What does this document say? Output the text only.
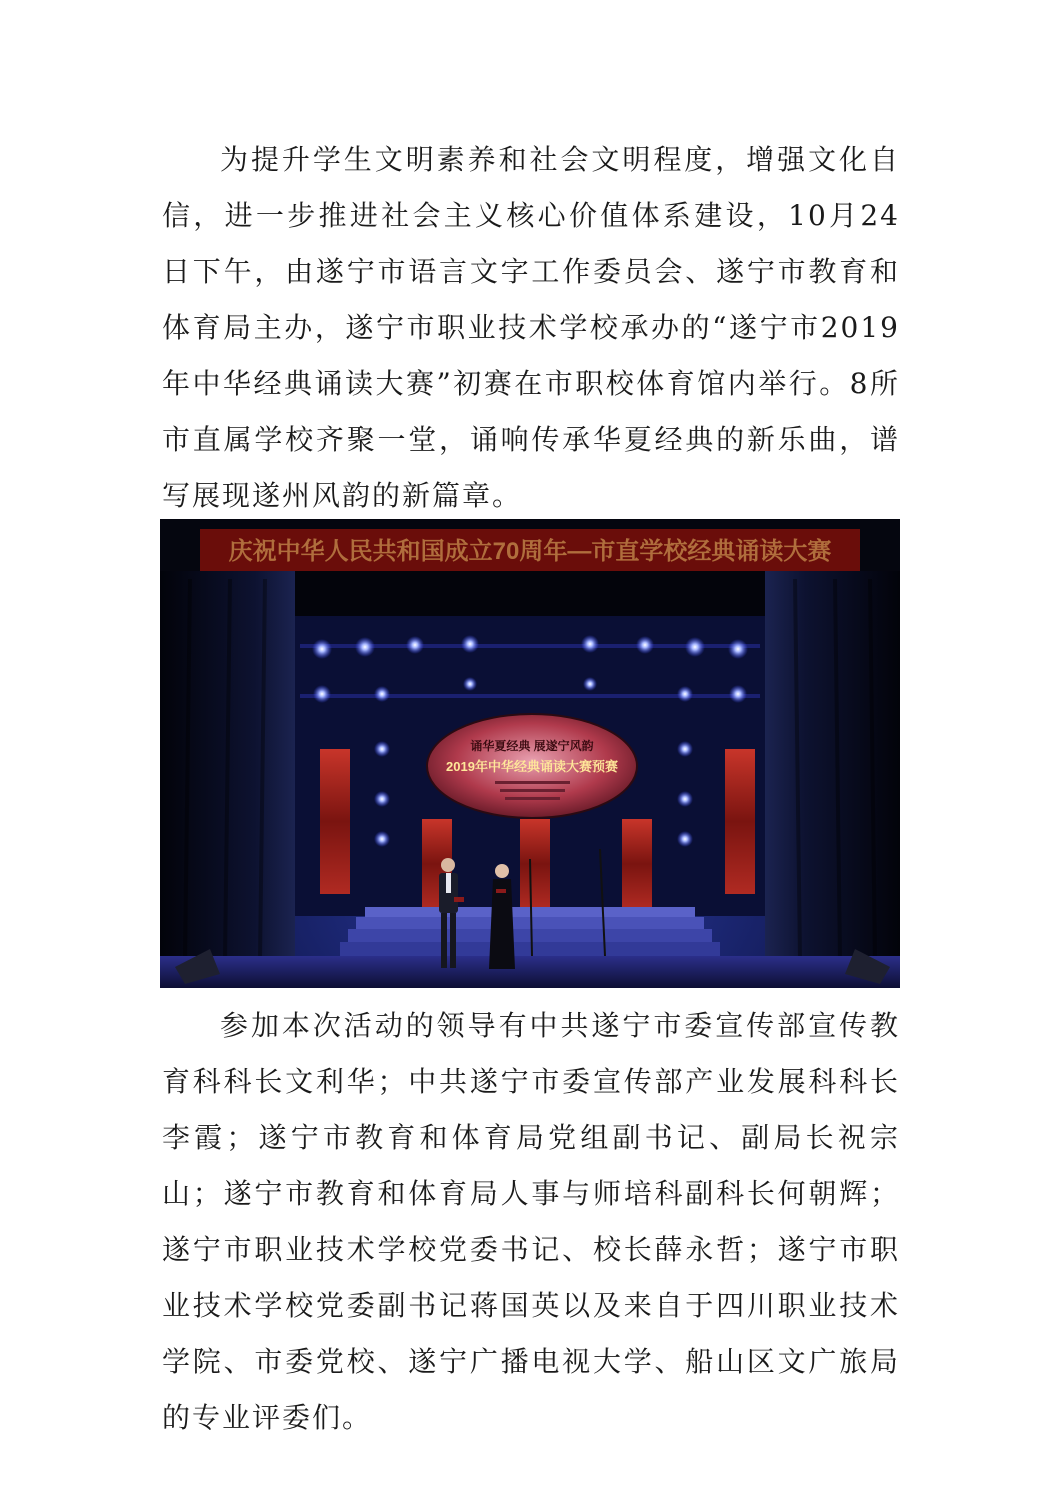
为提升学生文明素养和社会文明程度，增强文化自信，进一步推进社会主义核心价值体系建设，10月24日下午，由遂宁市语言文字工作委员会、遂宁市教育和体育局主办，遂宁市职业技术学校承办的“遂宁市2019年中华经典诵读大赛”初赛在市职校体育馆内举行。8所市直属学校齐聚一堂，诵响传承华夏经典的新乐曲，谱写展现遂州风韵的新篇章。

庆祝中华人民共和国成立70周年—市直学校经典诵读大赛
诵华夏经典 展遂宁风韵
2019年中华经典诵读大赛预赛

参加本次活动的领导有中共遂宁市委宣传部宣传教育科科长文利华；中共遂宁市委宣传部产业发展科科长李霞；遂宁市教育和体育局党组副书记、副局长祝宗山；遂宁市教育和体育局人事与师培科副科长何朝辉；遂宁市职业技术学校党委书记、校长薛永哲；遂宁市职业技术学校党委副书记蒋国英以及来自于四川职业技术学院、市委党校、遂宁广播电视大学、船山区文广旅局的专业评委们。
